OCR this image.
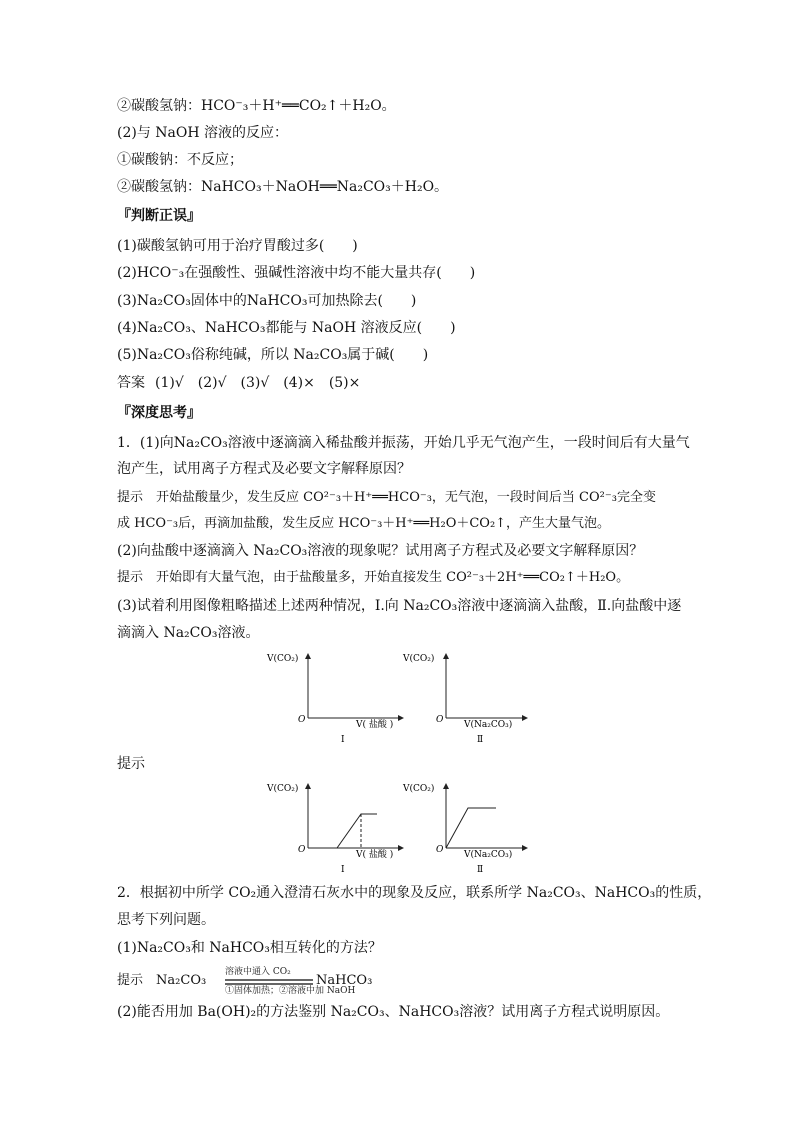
②碳酸氢钠：HCO⁻₃＋H⁺══CO₂↑＋H₂O。
(2)与 NaOH 溶液的反应：
①碳酸钠：不反应；
②碳酸氢钠：NaHCO₃＋NaOH══Na₂CO₃＋H₂O。
『判断正误』
(1)碳酸氢钠可用于治疗胃酸过多(　　)
(2)HCO⁻₃在强酸性、强碱性溶液中均不能大量共存(　　)
(3)Na₂CO₃固体中的NaHCO₃可加热除去(　　)
(4)Na₂CO₃、NaHCO₃都能与 NaOH 溶液反应(　　)
(5)Na₂CO₃俗称纯碱，所以 Na₂CO₃属于碱(　　)
答案 (1)√　(2)√　(3)√　(4)×　(5)×
『深度思考』
1．(1)向Na₂CO₃溶液中逐滴滴入稀盐酸并振荡，开始几乎无气泡产生，一段时间后有大量气
泡产生，试用离子方程式及必要文字解释原因？
提示　 开始盐酸量少，发生反应 CO²⁻₃＋H⁺══HCO⁻₃，无气泡，一段时间后当 CO²⁻₃完全变
成 HCO⁻₃后，再滴加盐酸，发生反应 HCO⁻₃＋H⁺══H₂O＋CO₂↑，产生大量气泡。
(2)向盐酸中逐滴滴入 Na₂CO₃溶液的现象呢？试用离子方程式及必要文字解释原因？
提示　 开始即有大量气泡，由于盐酸量多，开始直接发生 CO²⁻₃＋2H⁺══CO₂↑＋H₂O。
(3)试着利用图像粗略描述上述两种情况，Ⅰ.向 Na₂CO₃溶液中逐滴滴入盐酸，Ⅱ.向盐酸中逐
滴滴入 Na₂CO₃溶液。
V(CO₂)
O	V( 盐酸 )
Ⅰ
V(CO₂)
O V(Na₂CO₃)
Ⅱ
提示
V(CO₂)
O	V( 盐酸 )
Ⅰ
V(CO₂)
O V(Na₂CO₃)
Ⅱ
2．根据初中所学 CO₂通入澄清石灰水中的现象及反应，联系所学 Na₂CO₃、NaHCO₃的性质，
思考下列问题。
(1)Na₂CO₃和 NaHCO₃相互转化的方法？
提示　 Na₂CO₃
溶液中通入 CO₂
①固体加热；②溶液中加 NaOH
NaHCO₃
(2)能否用加 Ba(OH)₂的方法鉴别 Na₂CO₃、NaHCO₃溶液？试用离子方程式说明原因。
